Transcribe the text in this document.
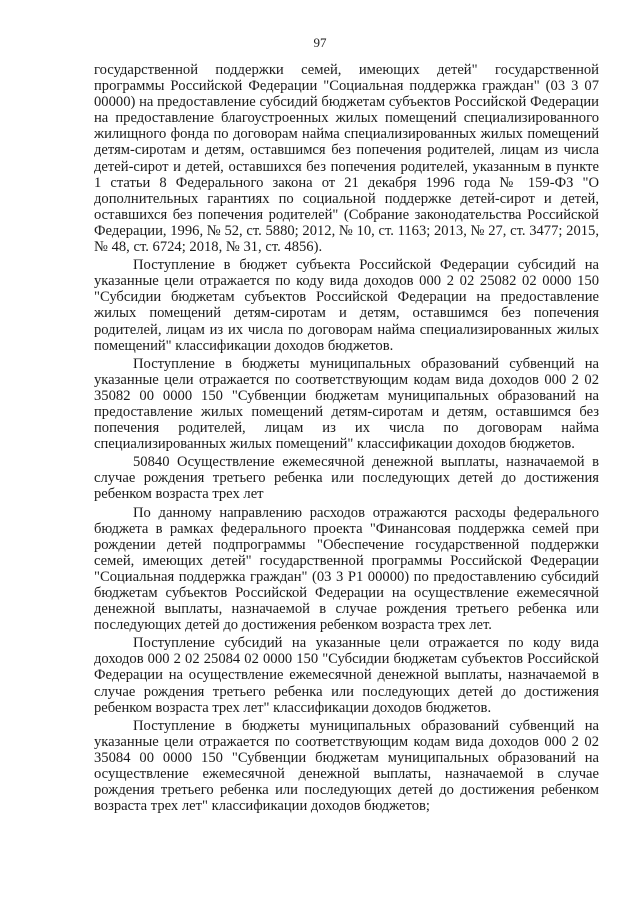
97

государственной поддержки семей, имеющих детей" государственной программы Российской Федерации "Социальная поддержка граждан" (03 3 07 00000) на предоставление субсидий бюджетам субъектов Российской Федерации на предоставление благоустроенных жилых помещений специализированного жилищного фонда по договорам найма специализированных жилых помещений детям-сиротам и детям, оставшимся без попечения родителей, лицам из числа детей-сирот и детей, оставшихся без попечения родителей, указанным в пункте 1 статьи 8 Федерального закона от 21 декабря 1996 года № 159-ФЗ "О дополнительных гарантиях по социальной поддержке детей-сирот и детей, оставшихся без попечения родителей" (Собрание законодательства Российской Федерации, 1996, № 52, ст. 5880; 2012, № 10, ст. 1163; 2013, № 27, ст. 3477; 2015, № 48, ст. 6724; 2018, № 31, ст. 4856).

Поступление в бюджет субъекта Российской Федерации субсидий на указанные цели отражается по коду вида доходов 000 2 02 25082 02 0000 150 "Субсидии бюджетам субъектов Российской Федерации на предоставление жилых помещений детям-сиротам и детям, оставшимся без попечения родителей, лицам из их числа по договорам найма специализированных жилых помещений" классификации доходов бюджетов.

Поступление в бюджеты муниципальных образований субвенций на указанные цели отражается по соответствующим кодам вида доходов 000 2 02 35082 00 0000 150 "Субвенции бюджетам муниципальных образований на предоставление жилых помещений детям-сиротам и детям, оставшимся без попечения родителей, лицам из их числа по договорам найма специализированных жилых помещений" классификации доходов бюджетов.

50840 Осуществление ежемесячной денежной выплаты, назначаемой в случае рождения третьего ребенка или последующих детей до достижения ребенком возраста трех лет

По данному направлению расходов отражаются расходы федерального бюджета в рамках федерального проекта "Финансовая поддержка семей при рождении детей подпрограммы "Обеспечение государственной поддержки семей, имеющих детей" государственной программы Российской Федерации "Социальная поддержка граждан" (03 3 P1 00000) по предоставлению субсидий бюджетам субъектов Российской Федерации на осуществление ежемесячной денежной выплаты, назначаемой в случае рождения третьего ребенка или последующих детей до достижения ребенком возраста трех лет.

Поступление субсидий на указанные цели отражается по коду вида доходов 000 2 02 25084 02 0000 150 "Субсидии бюджетам субъектов Российской Федерации на осуществление ежемесячной денежной выплаты, назначаемой в случае рождения третьего ребенка или последующих детей до достижения ребенком возраста трех лет" классификации доходов бюджетов.

Поступление в бюджеты муниципальных образований субвенций на указанные цели отражается по соответствующим кодам вида доходов 000 2 02 35084 00 0000 150 "Субвенции бюджетам муниципальных образований на осуществление ежемесячной денежной выплаты, назначаемой в случае рождения третьего ребенка или последующих детей до достижения ребенком возраста трех лет" классификации доходов бюджетов;
